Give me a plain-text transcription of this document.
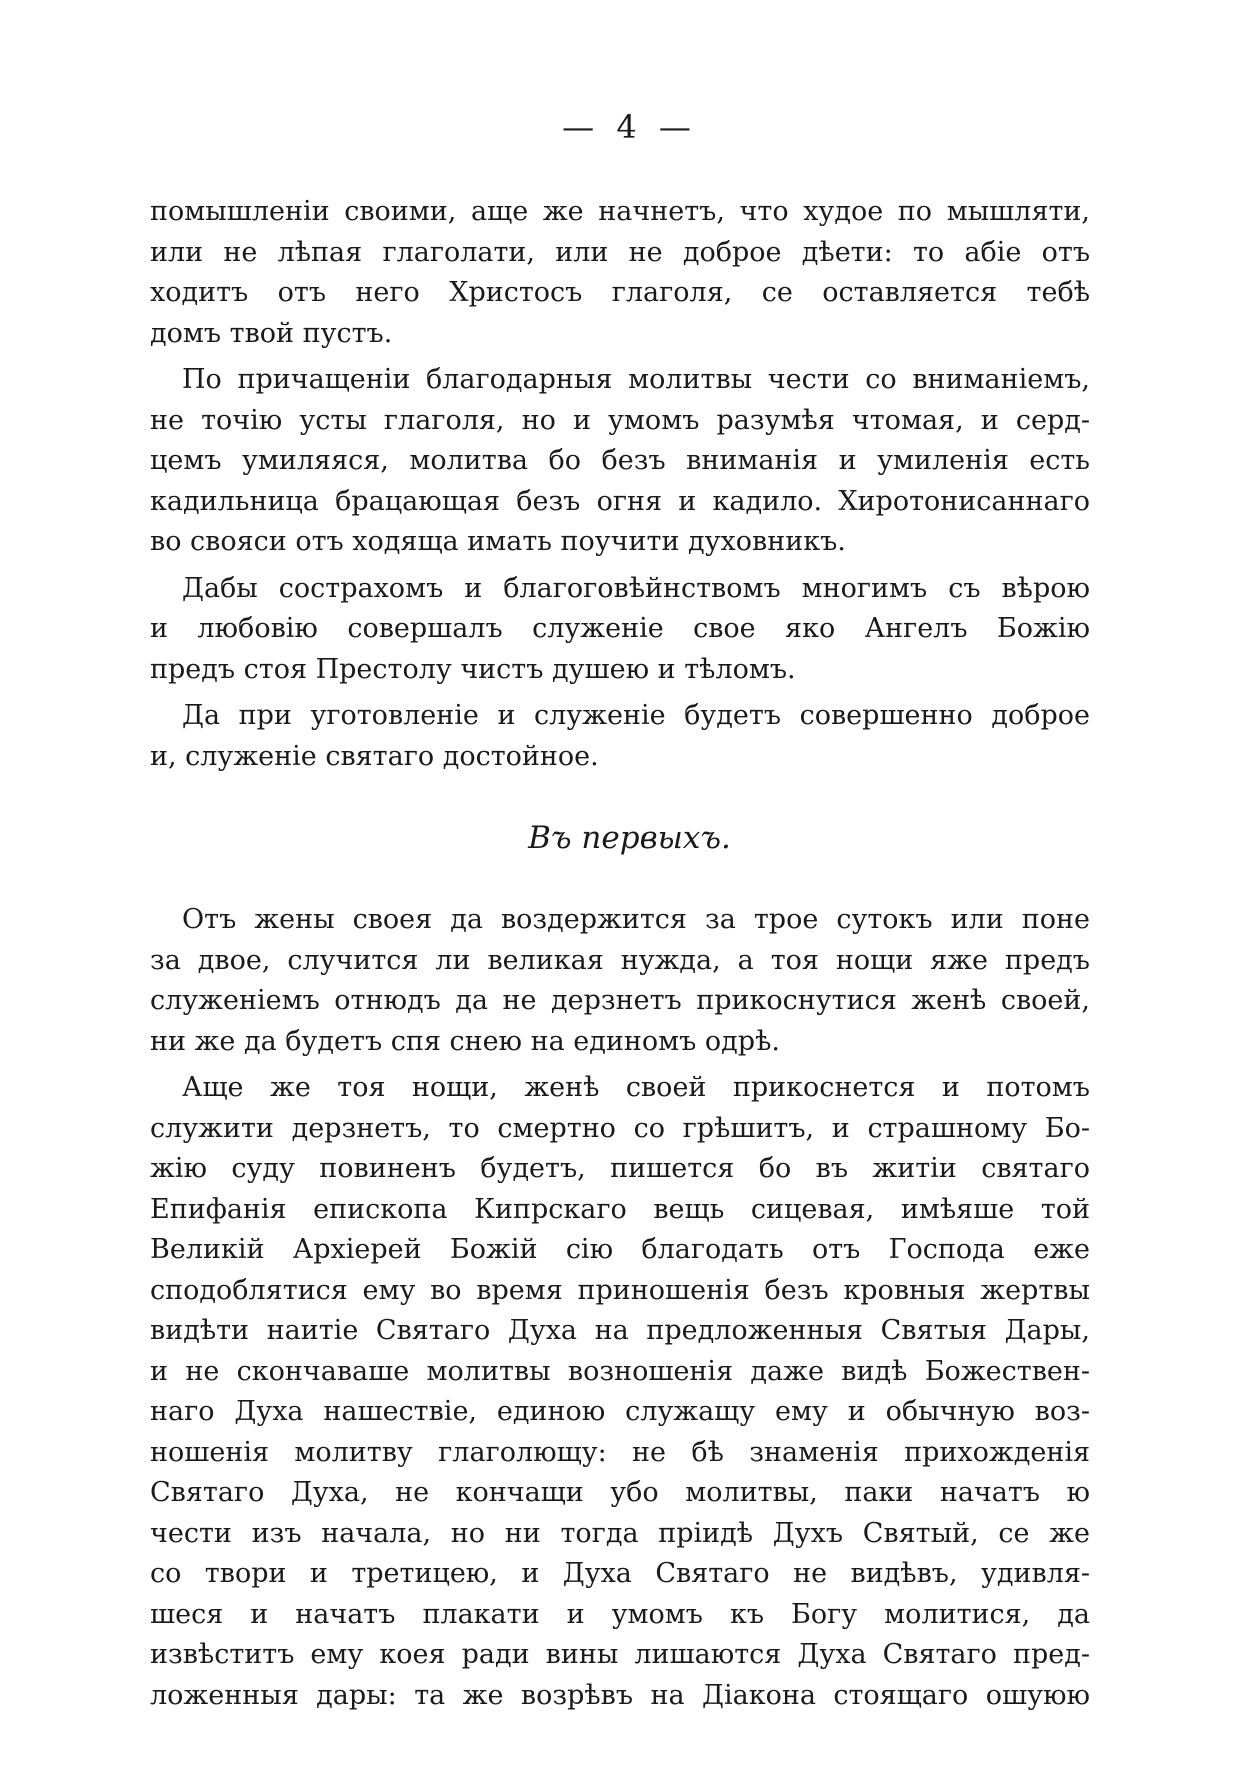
— 4 —
помышленіи своими, аще же начнетъ, что худое по мышляти,
или не лѣпая глаголати, или не доброе дѣети: то абіе отъ
ходитъ отъ него Христосъ глаголя, се оставляется тебѣ
домъ твой пустъ.
По причащеніи благодарныя молитвы чести со вниманіемъ,
не точію усты глаголя, но и умомъ разумѣя чтомая, и серд-
цемъ умиляяся, молитва бо безъ вниманія и умиленія есть
кадильница брацающая безъ огня и кадило. Хиротонисаннаго
во свояси отъ ходяща имать поучити духовникъ.
Дабы сострахомъ и благоговѣйнствомъ многимъ съ вѣрою
и любовію совершалъ служеніе свое яко Ангелъ Божію
предъ стоя Престолу чистъ душею и тѣломъ.
Да при уготовленіе и служеніе будетъ совершенно доброе
и, служеніе святаго достойное.
Въ первыхъ.
Отъ жены своея да воздержится за трое сутокъ или поне
за двое, случится ли великая нужда, а тоя нощи яже предъ
служеніемъ отнюдъ да не дерзнетъ прикоснутися женѣ своей,
ни же да будетъ спя снею на единомъ одрѣ.
Аще же тоя нощи, женѣ своей прикоснется и потомъ
служити дерзнетъ, то смертно со грѣшитъ, и страшному Бо-
жію суду повиненъ будетъ, пишется бо въ житіи святаго
Епифанія епископа Кипрскаго вещь сицевая, имѣяше той
Великій Архіерей Божій сію благодать отъ Господа еже
сподоблятися ему во время приношенія безъ кровныя жертвы
видѣти наитіе Святаго Духа на предложенныя Святыя Дары,
и не скончаваше молитвы возношенія даже видѣ Божествен-
наго Духа нашествіе, единою служащу ему и обычную воз-
ношенія молитву глаголющу: не бѣ знаменія прихожденія
Святаго Духа, не кончащи убо молитвы, паки начатъ ю
чести изъ начала, но ни тогда пріидѣ Духъ Святый, се же
со твори и третицею, и Духа Святаго не видѣвъ, удивля-
шеся и начатъ плакати и умомъ къ Богу молитися, да
извѣститъ ему коея ради вины лишаются Духа Святаго пред-
ложенныя дары: та же возрѣвъ на Діакона стоящаго ошуюю
